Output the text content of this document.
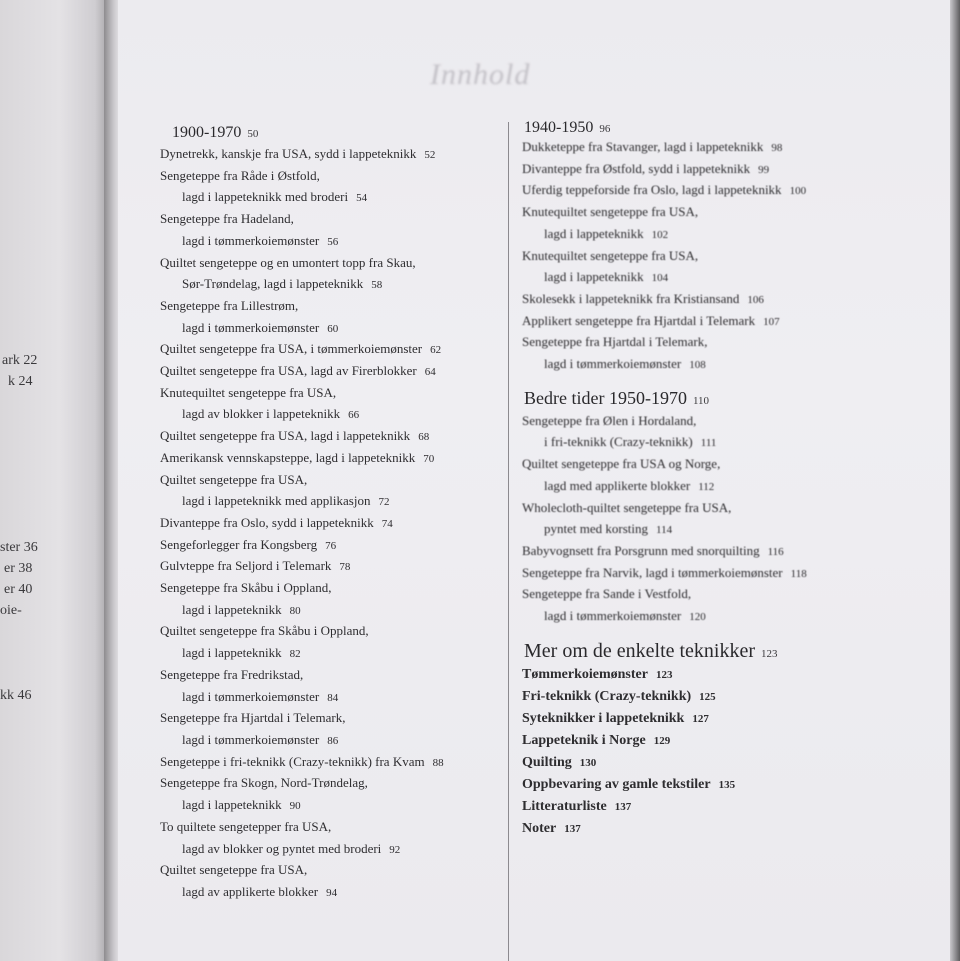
ark 22
k 24
ster 36
er 38
er 40
oie-
kk 46
Innhold
1900-1970 50
Dynetrekk, kanskje fra USA, sydd i lappeteknikk 52
Sengeteppe fra Råde i Østfold,
lagd i lappeteknikk med broderi 54
Sengeteppe fra Hadeland,
lagd i tømmerkoiemønster 56
Quiltet sengeteppe og en umontert topp fra Skau,
Sør-Trøndelag, lagd i lappeteknikk 58
Sengeteppe fra Lillestrøm,
lagd i tømmerkoiemønster 60
Quiltet sengeteppe fra USA, i tømmerkoiemønster 62
Quiltet sengeteppe fra USA, lagd av Firerblokker 64
Knutequiltet sengeteppe fra USA,
lagd av blokker i lappeteknikk 66
Quiltet sengeteppe fra USA, lagd i lappeteknikk 68
Amerikansk vennskapsteppe, lagd i lappeteknikk 70
Quiltet sengeteppe fra USA,
lagd i lappeteknikk med applikasjon 72
Divanteppe fra Oslo, sydd i lappeteknikk 74
Sengeforlegger fra Kongsberg 76
Gulvteppe fra Seljord i Telemark 78
Sengeteppe fra Skåbu i Oppland,
lagd i lappeteknikk 80
Quiltet sengeteppe fra Skåbu i Oppland,
lagd i lappeteknikk 82
Sengeteppe fra Fredrikstad,
lagd i tømmerkoiemønster 84
Sengeteppe fra Hjartdal i Telemark,
lagd i tømmerkoiemønster 86
Sengeteppe i fri-teknikk (Crazy-teknikk) fra Kvam 88
Sengeteppe fra Skogn, Nord-Trøndelag,
lagd i lappeteknikk 90
To quiltete sengetepper fra USA,
lagd av blokker og pyntet med broderi 92
Quiltet sengeteppe fra USA,
lagd av applikerte blokker 94
1940-1950 96
Dukketeppe fra Stavanger, lagd i lappeteknikk 98
Divanteppe fra Østfold, sydd i lappeteknikk 99
Uferdig teppeforside fra Oslo, lagd i lappeteknikk 100
Knutequiltet sengeteppe fra USA,
lagd i lappeteknikk 102
Knutequiltet sengeteppe fra USA,
lagd i lappeteknikk 104
Skolesekk i lappeteknikk fra Kristiansand 106
Applikert sengeteppe fra Hjartdal i Telemark 107
Sengeteppe fra Hjartdal i Telemark,
lagd i tømmerkoiemønster 108
Bedre tider 1950-1970 110
Sengeteppe fra Ølen i Hordaland,
i fri-teknikk (Crazy-teknikk) 111
Quiltet sengeteppe fra USA og Norge,
lagd med applikerte blokker 112
Wholecloth-quiltet sengeteppe fra USA,
pyntet med korsting 114
Babyvognsett fra Porsgrunn med snorquilting 116
Sengeteppe fra Narvik, lagd i tømmerkoiemønster 118
Sengeteppe fra Sande i Vestfold,
lagd i tømmerkoiemønster 120
Mer om de enkelte teknikker 123
Tømmerkoiemønster 123
Fri-teknikk (Crazy-teknikk) 125
Syteknikker i lappeteknikk 127
Lappeteknik i Norge 129
Quilting 130
Oppbevaring av gamle tekstiler 135
Litteraturliste 137
Noter 137
